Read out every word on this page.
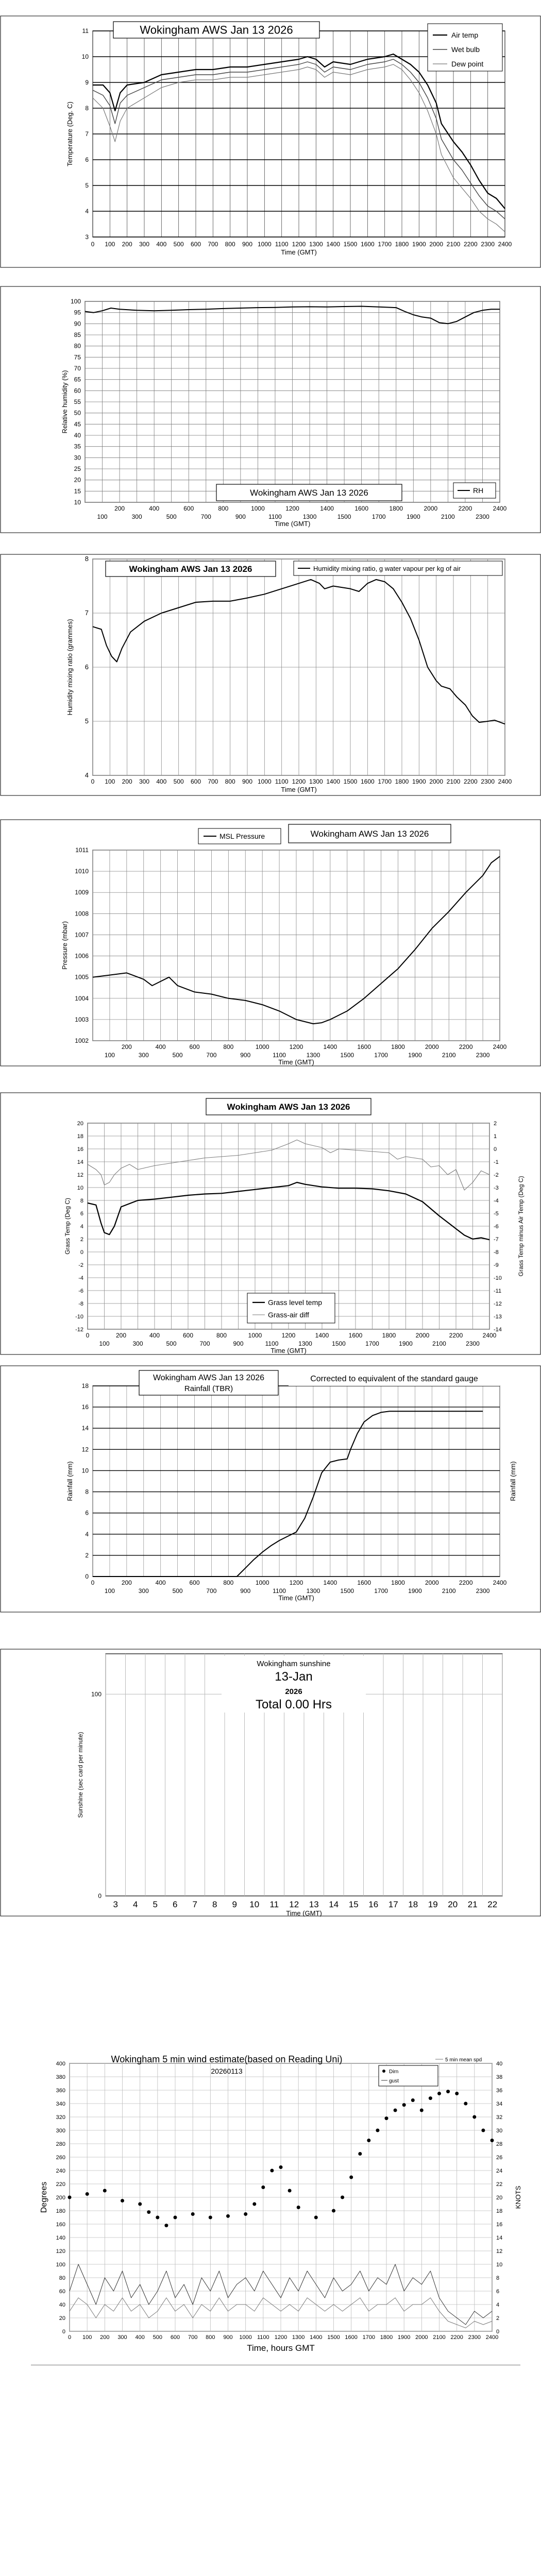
3
4
5
6
7
8
9
10
11
0 100 200 300 400 500 600 700 800 900 1000 1100 1200 1300 1400 1500 1600 1700 1800 1900 2000 2100 2200 2300 2400
Time (GMT)
Temperature (Deg. C)
Wokingham AWS Jan 13 2026	Air temp
Wet bulb
Dew point
10
15
20
25
30
35
40
45
50
55
60
65
70
75
80
85
90
95
100
200	400	600	800	1000	1200	1400	1600	1800	2000	2200	2400
100	300	500	700	900	1100	1300	1500	1700	1900	2100	2300
Time (GMT)
Relative humidity (%)
Wokingham AWS Jan 13 2026	RH
4
5
6
7
8
0 100 200 300 400 500 600 700 800 900 1000 1100 1200 1300 1400 1500 1600 1700 1800 1900 2000 2100 2200 2300 2400
Time (GMT)
Humidity mixing ratio (grammes)
Wokingham AWS Jan 13 2026	Humidity mixing ratio, g water vapour per kg of air
1002
1003
1004
1005
1006
1007
1008
1009
1010
1011
200	400	600	800	1000	1200	1400	1600	1800	2000	2200	2400
100	300	500	700	900	1100	1300	1500	1700	1900	2100	2300
Time (GMT)
Pressure (mbar)
MSL Pressure	Wokingham AWS Jan 13 2026
-12
-10
-8
-6
-4
-2
0
2
4
6
8
10
12
14
16
18
20
-14
-13
-12
-11
-10
-9
-8
-7
-6
-5
-4
-3
-2
-1
0
1
2
0	200	400	600	800	1000	1200	1400	1600	1800	2000	2200	2400
100	300	500	700	900	1100	1300	1500	1700	1900	2100	2300
Time (GMT)
Grass Temp (Deg C)	Grass Temp minus Air Temp (Deg C)
Wokingham AWS Jan 13 2026
Grass level temp
Grass-air diff
0
2
4
6
8
10
12
14
16
18
0	200	400	600	800	1000	1200	1400	1600	1800	2000	2200	2400
100	300	500	700	900	1100	1300	1500	1700	1900	2100	2300
Time (GMT)
Rainfall (mm)	Rainfall (mm)
Wokingham AWS Jan 13 2026
Rainfall (TBR)
Corrected to equivalent of the standard gauge
0
100
3 4 5 6 7 8 9 10 11 12 13 14 15 16 17 18 19 20 21 22
Time (GMT)
Sunshine (sec card per minute)
Wokingham sunshine
13-Jan
2026
Total 0.00 Hrs
0
20
40
60
80
100
120
140
160
180
200
220
240
260
280
300
320
340
360
380
400
0
2
4
6
8
10
12
14
16
18
20
22
24
26
28
30
32
34
36
38
40
0 100 200 300 400 500 600 700 800 900 1000 1100 1200 1300 1400 1500 1600 1700 1800 1900 2000 2100 2200 2300 2400
Time, hours GMT
Degrees	KNOTS
Wokingham 5 min wind estimate(based on Reading Uni)
20260113	Dirn
gust
5 min mean spd
